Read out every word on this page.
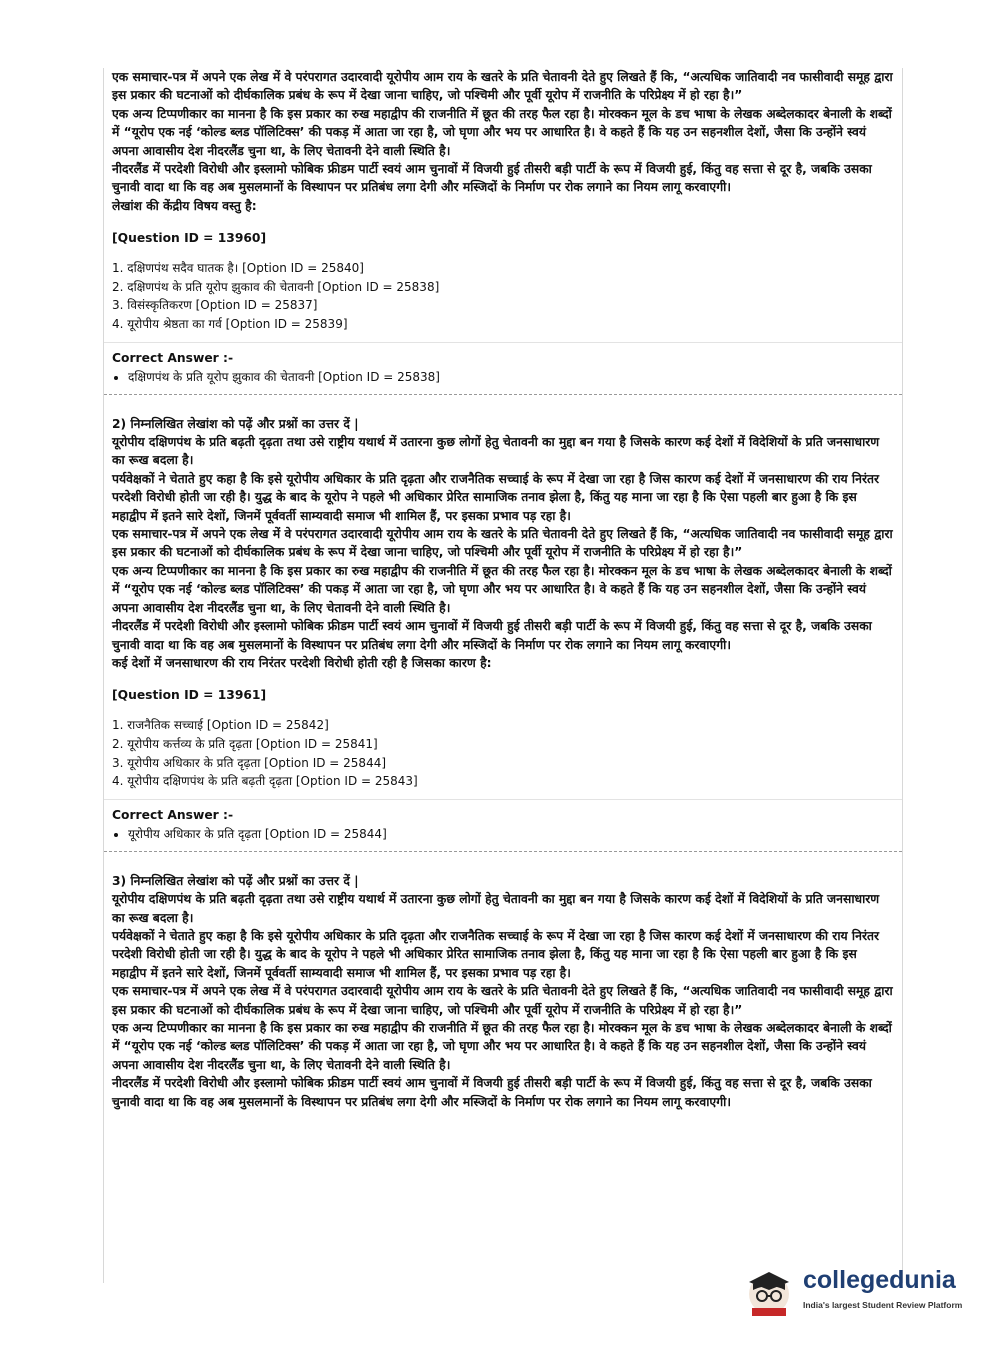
एक समाचार-पत्र में अपने एक लेख में वे परंपरागत उदारवादी यूरोपीय आम राय के खतरे के प्रति चेतावनी देते हुए लिखते हैं कि, “अत्यधिक जातिवादी नव फासीवादी समूह द्वारा इस प्रकार की घटनाओं को दीर्घकालिक प्रबंध के रूप में देखा जाना चाहिए, जो पश्चिमी और पूर्वी यूरोप में राजनीति के परिप्रेक्ष्य में हो रहा है।”

एक अन्य टिप्पणीकार का मानना है कि इस प्रकार का रुख महाद्वीप की राजनीति में छूत की तरह फैल रहा है। मोरक्कन मूल के डच भाषा के लेखक अब्देलकादर बेनाली के शब्दों में “यूरोप एक नई ‘कोल्ड ब्लड पॉलिटिक्स’ की पकड़ में आता जा रहा है, जो घृणा और भय पर आधारित है। वे कहते हैं कि यह उन सहनशील देशों, जैसा कि उन्होंने स्वयं अपना आवासीय देश नीदरलैंड चुना था, के लिए चेतावनी देने वाली स्थिति है।

नीदरलैंड में परदेशी विरोधी और इस्लामो फोबिक फ्रीडम पार्टी स्वयं आम चुनावों में विजयी हुई तीसरी बड़ी पार्टी के रूप में विजयी हुई, किंतु वह सत्ता से दूर है, जबकि उसका चुनावी वादा था कि वह अब मुसलमानों के विस्थापन पर प्रतिबंध लगा देगी और मस्जिदों के निर्माण पर रोक लगाने का नियम लागू करवाएगी।

लेखांश की केंद्रीय विषय वस्तु है:

[Question ID = 13960]
1. दक्षिणपंथ सदैव घातक है। [Option ID = 25840]
2. दक्षिणपंथ के प्रति यूरोप झुकाव की चेतावनी [Option ID = 25838]
3. विसंस्कृतिकरण [Option ID = 25837]
4. यूरोपीय श्रेष्ठता का गर्व [Option ID = 25839]
Correct Answer :-
• दक्षिणपंथ के प्रति यूरोप झुकाव की चेतावनी [Option ID = 25838]

2) निम्नलिखित लेखांश को पढ़ें और प्रश्नों का उत्तर दें |

यूरोपीय दक्षिणपंथ के प्रति बढ़ती दृढ़ता तथा उसे राष्ट्रीय यथार्थ में उतारना कुछ लोगों हेतु चेतावनी का मुद्दा बन गया है जिसके कारण कई देशों में विदेशियों के प्रति जनसाधारण का रूख बदला है।

पर्यवेक्षकों ने चेताते हुए कहा है कि इसे यूरोपीय अधिकार के प्रति दृढ़ता और राजनैतिक सच्चाई के रूप में देखा जा रहा है जिस कारण कई देशों में जनसाधारण की राय निरंतर परदेशी विरोधी होती जा रही है। युद्ध के बाद के यूरोप ने पहले भी अधिकार प्रेरित सामाजिक तनाव झेला है, किंतु यह माना जा रहा है कि ऐसा पहली बार हुआ है कि इस महाद्वीप में इतने सारे देशों, जिनमें पूर्ववर्ती साम्यवादी समाज भी शामिल हैं, पर इसका प्रभाव पड़ रहा है।

एक समाचार-पत्र में अपने एक लेख में वे परंपरागत उदारवादी यूरोपीय आम राय के खतरे के प्रति चेतावनी देते हुए लिखते हैं कि, “अत्यधिक जातिवादी नव फासीवादी समूह द्वारा इस प्रकार की घटनाओं को दीर्घकालिक प्रबंध के रूप में देखा जाना चाहिए, जो पश्चिमी और पूर्वी यूरोप में राजनीति के परिप्रेक्ष्य में हो रहा है।”

एक अन्य टिप्पणीकार का मानना है कि इस प्रकार का रुख महाद्वीप की राजनीति में छूत की तरह फैल रहा है। मोरक्कन मूल के डच भाषा के लेखक अब्देलकादर बेनाली के शब्दों में “यूरोप एक नई ‘कोल्ड ब्लड पॉलिटिक्स’ की पकड़ में आता जा रहा है, जो घृणा और भय पर आधारित है। वे कहते हैं कि यह उन सहनशील देशों, जैसा कि उन्होंने स्वयं अपना आवासीय देश नीदरलैंड चुना था, के लिए चेतावनी देने वाली स्थिति है।

नीदरलैंड में परदेशी विरोधी और इस्लामो फोबिक फ्रीडम पार्टी स्वयं आम चुनावों में विजयी हुई तीसरी बड़ी पार्टी के रूप में विजयी हुई, किंतु वह सत्ता से दूर है, जबकि उसका चुनावी वादा था कि वह अब मुसलमानों के विस्थापन पर प्रतिबंध लगा देगी और मस्जिदों के निर्माण पर रोक लगाने का नियम लागू करवाएगी।

कई देशों में जनसाधारण की राय निरंतर परदेशी विरोधी होती रही है जिसका कारण है:

[Question ID = 13961]
1. राजनैतिक सच्चाई [Option ID = 25842]
2. यूरोपीय कर्त्तव्य के प्रति दृढ़ता [Option ID = 25841]
3. यूरोपीय अधिकार के प्रति दृढ़ता [Option ID = 25844]
4. यूरोपीय दक्षिणपंथ के प्रति बढ़ती दृढ़ता [Option ID = 25843]
Correct Answer :-
• यूरोपीय अधिकार के प्रति दृढ़ता [Option ID = 25844]

3) निम्नलिखित लेखांश को पढ़ें और प्रश्नों का उत्तर दें |

यूरोपीय दक्षिणपंथ के प्रति बढ़ती दृढ़ता तथा उसे राष्ट्रीय यथार्थ में उतारना कुछ लोगों हेतु चेतावनी का मुद्दा बन गया है जिसके कारण कई देशों में विदेशियों के प्रति जनसाधारण का रूख बदला है।

पर्यवेक्षकों ने चेताते हुए कहा है कि इसे यूरोपीय अधिकार के प्रति दृढ़ता और राजनैतिक सच्चाई के रूप में देखा जा रहा है जिस कारण कई देशों में जनसाधारण की राय निरंतर परदेशी विरोधी होती जा रही है। युद्ध के बाद के यूरोप ने पहले भी अधिकार प्रेरित सामाजिक तनाव झेला है, किंतु यह माना जा रहा है कि ऐसा पहली बार हुआ है कि इस महाद्वीप में इतने सारे देशों, जिनमें पूर्ववर्ती साम्यवादी समाज भी शामिल हैं, पर इसका प्रभाव पड़ रहा है।

एक समाचार-पत्र में अपने एक लेख में वे परंपरागत उदारवादी यूरोपीय आम राय के खतरे के प्रति चेतावनी देते हुए लिखते हैं कि, “अत्यधिक जातिवादी नव फासीवादी समूह द्वारा इस प्रकार की घटनाओं को दीर्घकालिक प्रबंध के रूप में देखा जाना चाहिए, जो पश्चिमी और पूर्वी यूरोप में राजनीति के परिप्रेक्ष्य में हो रहा है।”

एक अन्य टिप्पणीकार का मानना है कि इस प्रकार का रुख महाद्वीप की राजनीति में छूत की तरह फैल रहा है। मोरक्कन मूल के डच भाषा के लेखक अब्देलकादर बेनाली के शब्दों में “यूरोप एक नई ‘कोल्ड ब्लड पॉलिटिक्स’ की पकड़ में आता जा रहा है, जो घृणा और भय पर आधारित है। वे कहते हैं कि यह उन सहनशील देशों, जैसा कि उन्होंने स्वयं अपना आवासीय देश नीदरलैंड चुना था, के लिए चेतावनी देने वाली स्थिति है।

नीदरलैंड में परदेशी विरोधी और इस्लामो फोबिक फ्रीडम पार्टी स्वयं आम चुनावों में विजयी हुई तीसरी बड़ी पार्टी के रूप में विजयी हुई, किंतु वह सत्ता से दूर है, जबकि उसका चुनावी वादा था कि वह अब मुसलमानों के विस्थापन पर प्रतिबंध लगा देगी और मस्जिदों के निर्माण पर रोक लगाने का नियम लागू करवाएगी।

collegedunia
India's largest Student Review Platform
